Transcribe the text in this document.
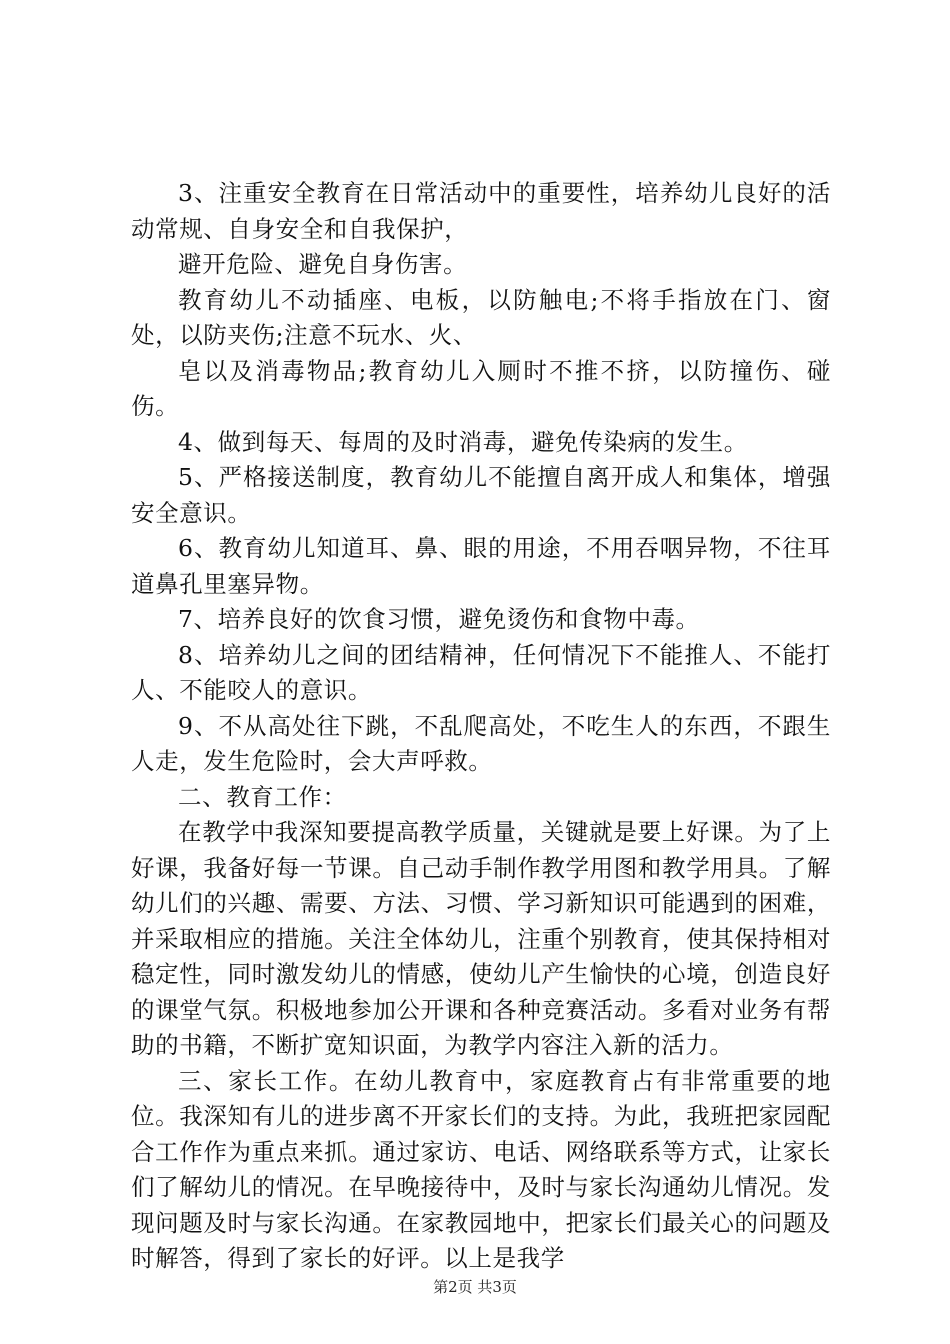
3、注重安全教育在日常活动中的重要性，培养幼儿良好的活动常规、自身安全和自我保护，

避开危险、避免自身伤害。

教育幼儿不动插座、电板，以防触电;不将手指放在门、窗处，以防夹伤;注意不玩水、火、

皂以及消毒物品;教育幼儿入厕时不推不挤，以防撞伤、碰伤。

4、做到每天、每周的及时消毒，避免传染病的发生。

5、严格接送制度，教育幼儿不能擅自离开成人和集体，增强安全意识。

6、教育幼儿知道耳、鼻、眼的用途，不用吞咽异物，不往耳道鼻孔里塞异物。

7、培养良好的饮食习惯，避免烫伤和食物中毒。

8、培养幼儿之间的团结精神，任何情况下不能推人、不能打人、不能咬人的意识。

9、不从高处往下跳，不乱爬高处，不吃生人的东西，不跟生人走，发生危险时，会大声呼救。

二、教育工作：

在教学中我深知要提高教学质量，关键就是要上好课。为了上好课，我备好每一节课。自己动手制作教学用图和教学用具。了解幼儿们的兴趣、需要、方法、习惯、学习新知识可能遇到的困难，并采取相应的措施。关注全体幼儿，注重个别教育，使其保持相对稳定性，同时激发幼儿的情感，使幼儿产生愉快的心境，创造良好的课堂气氛。积极地参加公开课和各种竞赛活动。多看对业务有帮助的书籍，不断扩宽知识面，为教学内容注入新的活力。

三、家长工作。在幼儿教育中，家庭教育占有非常重要的地位。我深知有儿的进步离不开家长们的支持。为此，我班把家园配合工作作为重点来抓。通过家访、电话、网络联系等方式，让家长们了解幼儿的情况。在早晚接待中，及时与家长沟通幼儿情况。发现问题及时与家长沟通。在家教园地中，把家长们最关心的问题及时解答，得到了家长的好评。以上是我学

第2页 共3页
